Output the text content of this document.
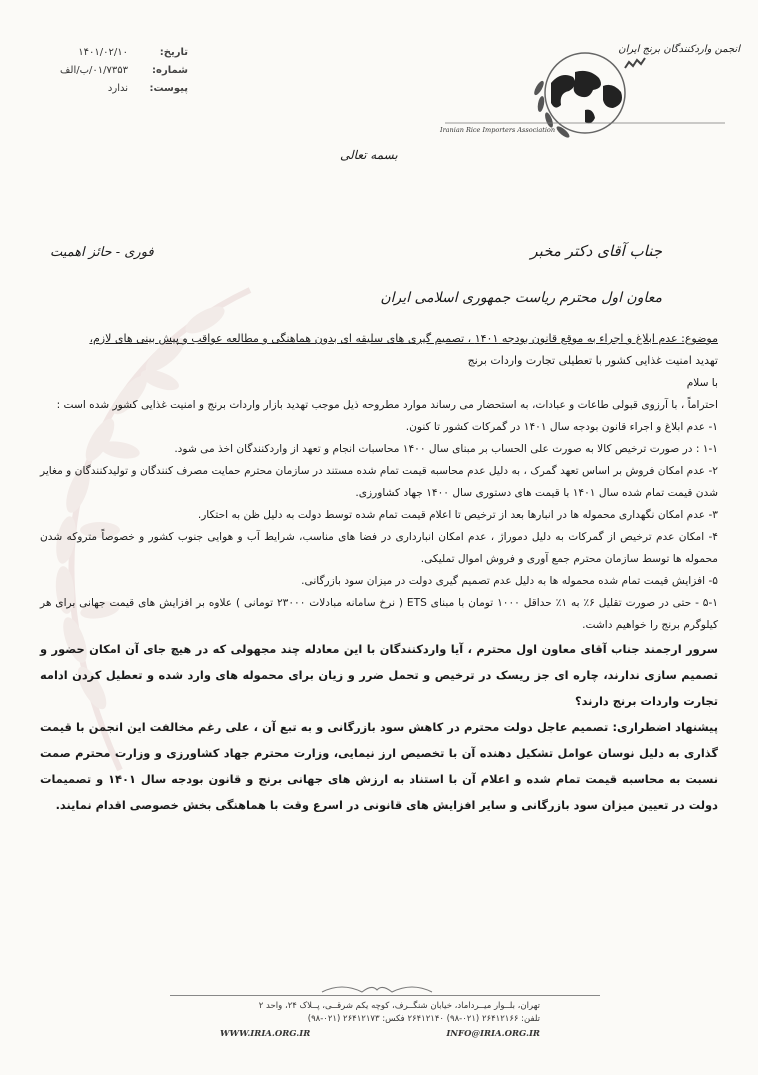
تاریخ:
۱۴۰۱/۰۲/۱۰
شماره:
۰۱/۷۳۵۳/ب/الف
پیوست:
ندارد
انجمن واردکنندگان برنج ایران
Iranian Rice Importers Association
بسمه تعالی
جناب آقای دکتر مخبر
فوری - حائز اهمیت
معاون اول محترم ریاست جمهوری اسلامی ایران
موضوع: عدم ابلاغ و اجراء به موقع قانون بودجه ۱۴۰۱ ، تصمیم گیری های سلیقه ای بدون هماهنگی و مطالعه عواقب و پیش بینی های لازم،
تهدید امنیت غذایی کشور با تعطیلی تجارت واردات برنج

با سلام

احتراماً ، با آرزوی قبولی طاعات و عبادات، به استحضار می رساند موارد مطروحه ذیل موجب تهدید بازار واردات برنج و امنیت غذایی کشور شده است :

۱- عدم ابلاغ و اجراء قانون بودجه سال ۱۴۰۱ در گمرکات کشور تا کنون.

۱-۱ : در صورت ترخیص کالا به صورت علی الحساب بر مبنای سال ۱۴۰۰ محاسبات انجام و تعهد از واردکنندگان اخذ می شود.

۲- عدم امکان فروش بر اساس تعهد گمرک ، به دلیل عدم محاسبه قیمت تمام شده مستند در سازمان محترم حمایت مصرف کنندگان و تولیدکنندگان و مغایر شدن قیمت تمام شده سال ۱۴۰۱ با قیمت های دستوری سال ۱۴۰۰ جهاد کشاورزی.

۳- عدم امکان نگهداری محموله ها در انبارها بعد از ترخیص تا اعلام قیمت تمام شده توسط دولت به دلیل ظن به احتکار.

۴- امکان عدم ترخیص از گمرکات به دلیل دموراژ ، عدم امکان انبارداری در فضا های مناسب، شرایط آب و هوایی جنوب کشور و خصوصاً متروکه شدن محموله ها توسط سازمان محترم جمع آوری و فروش اموال تملیکی.

۵- افزایش قیمت تمام شده محموله ها به دلیل عدم تصمیم گیری دولت در میزان سود بازرگانی.

۵-۱ - حتی در صورت تقلیل ۶٪ به ۱٪ حداقل ۱۰۰۰ تومان با مبنای ETS ( نرخ سامانه مبادلات ۲۳۰۰۰ تومانی ) علاوه بر افزایش های قیمت جهانی برای هر کیلوگرم برنج را خواهیم داشت.

سرور ارجمند جناب آقای معاون اول محترم ، آیا واردکنندگان با این معادله چند مجهولی که در هیچ جای آن امکان حضور و تصمیم سازی ندارند، چاره ای جز ریسک در ترخیص و تحمل ضرر و زیان برای محموله های وارد شده و تعطیل کردن ادامه تجارت واردات برنج دارند؟

پیشنهاد اضطراری: تصمیم عاجل دولت محترم در کاهش سود بازرگانی و به تبع آن ، علی رغم مخالفت این انجمن با قیمت گذاری به دلیل نوسان عوامل تشکیل دهنده آن با تخصیص ارز نیمایی، وزارت محترم جهاد کشاورزی و وزارت محترم صمت نسبت به محاسبه قیمت تمام شده و اعلام آن با استناد به ارزش های جهانی برنج و قانون بودجه سال ۱۴۰۱ و تصمیمات دولت در تعیین میزان سود بازرگانی و سایر افزایش های قانونی در اسرع وقت با هماهنگی بخش خصوصی اقدام نمایند.

تهران، بلــوار میــرداماد، خیابان شنگــرف، کوچه یکم شرقــی، پــلاک ۲۴، واحد ۲
تلفن: ۲۶۴۱۲۱۶۶ (۰۲۱-۹۸) ۲۶۴۱۲۱۴۰ فکس: ۲۶۴۱۲۱۷۳ (۰۲۱-۹۸)
WWW.IRIA.ORG.IR	INFO@IRIA.ORG.IR
